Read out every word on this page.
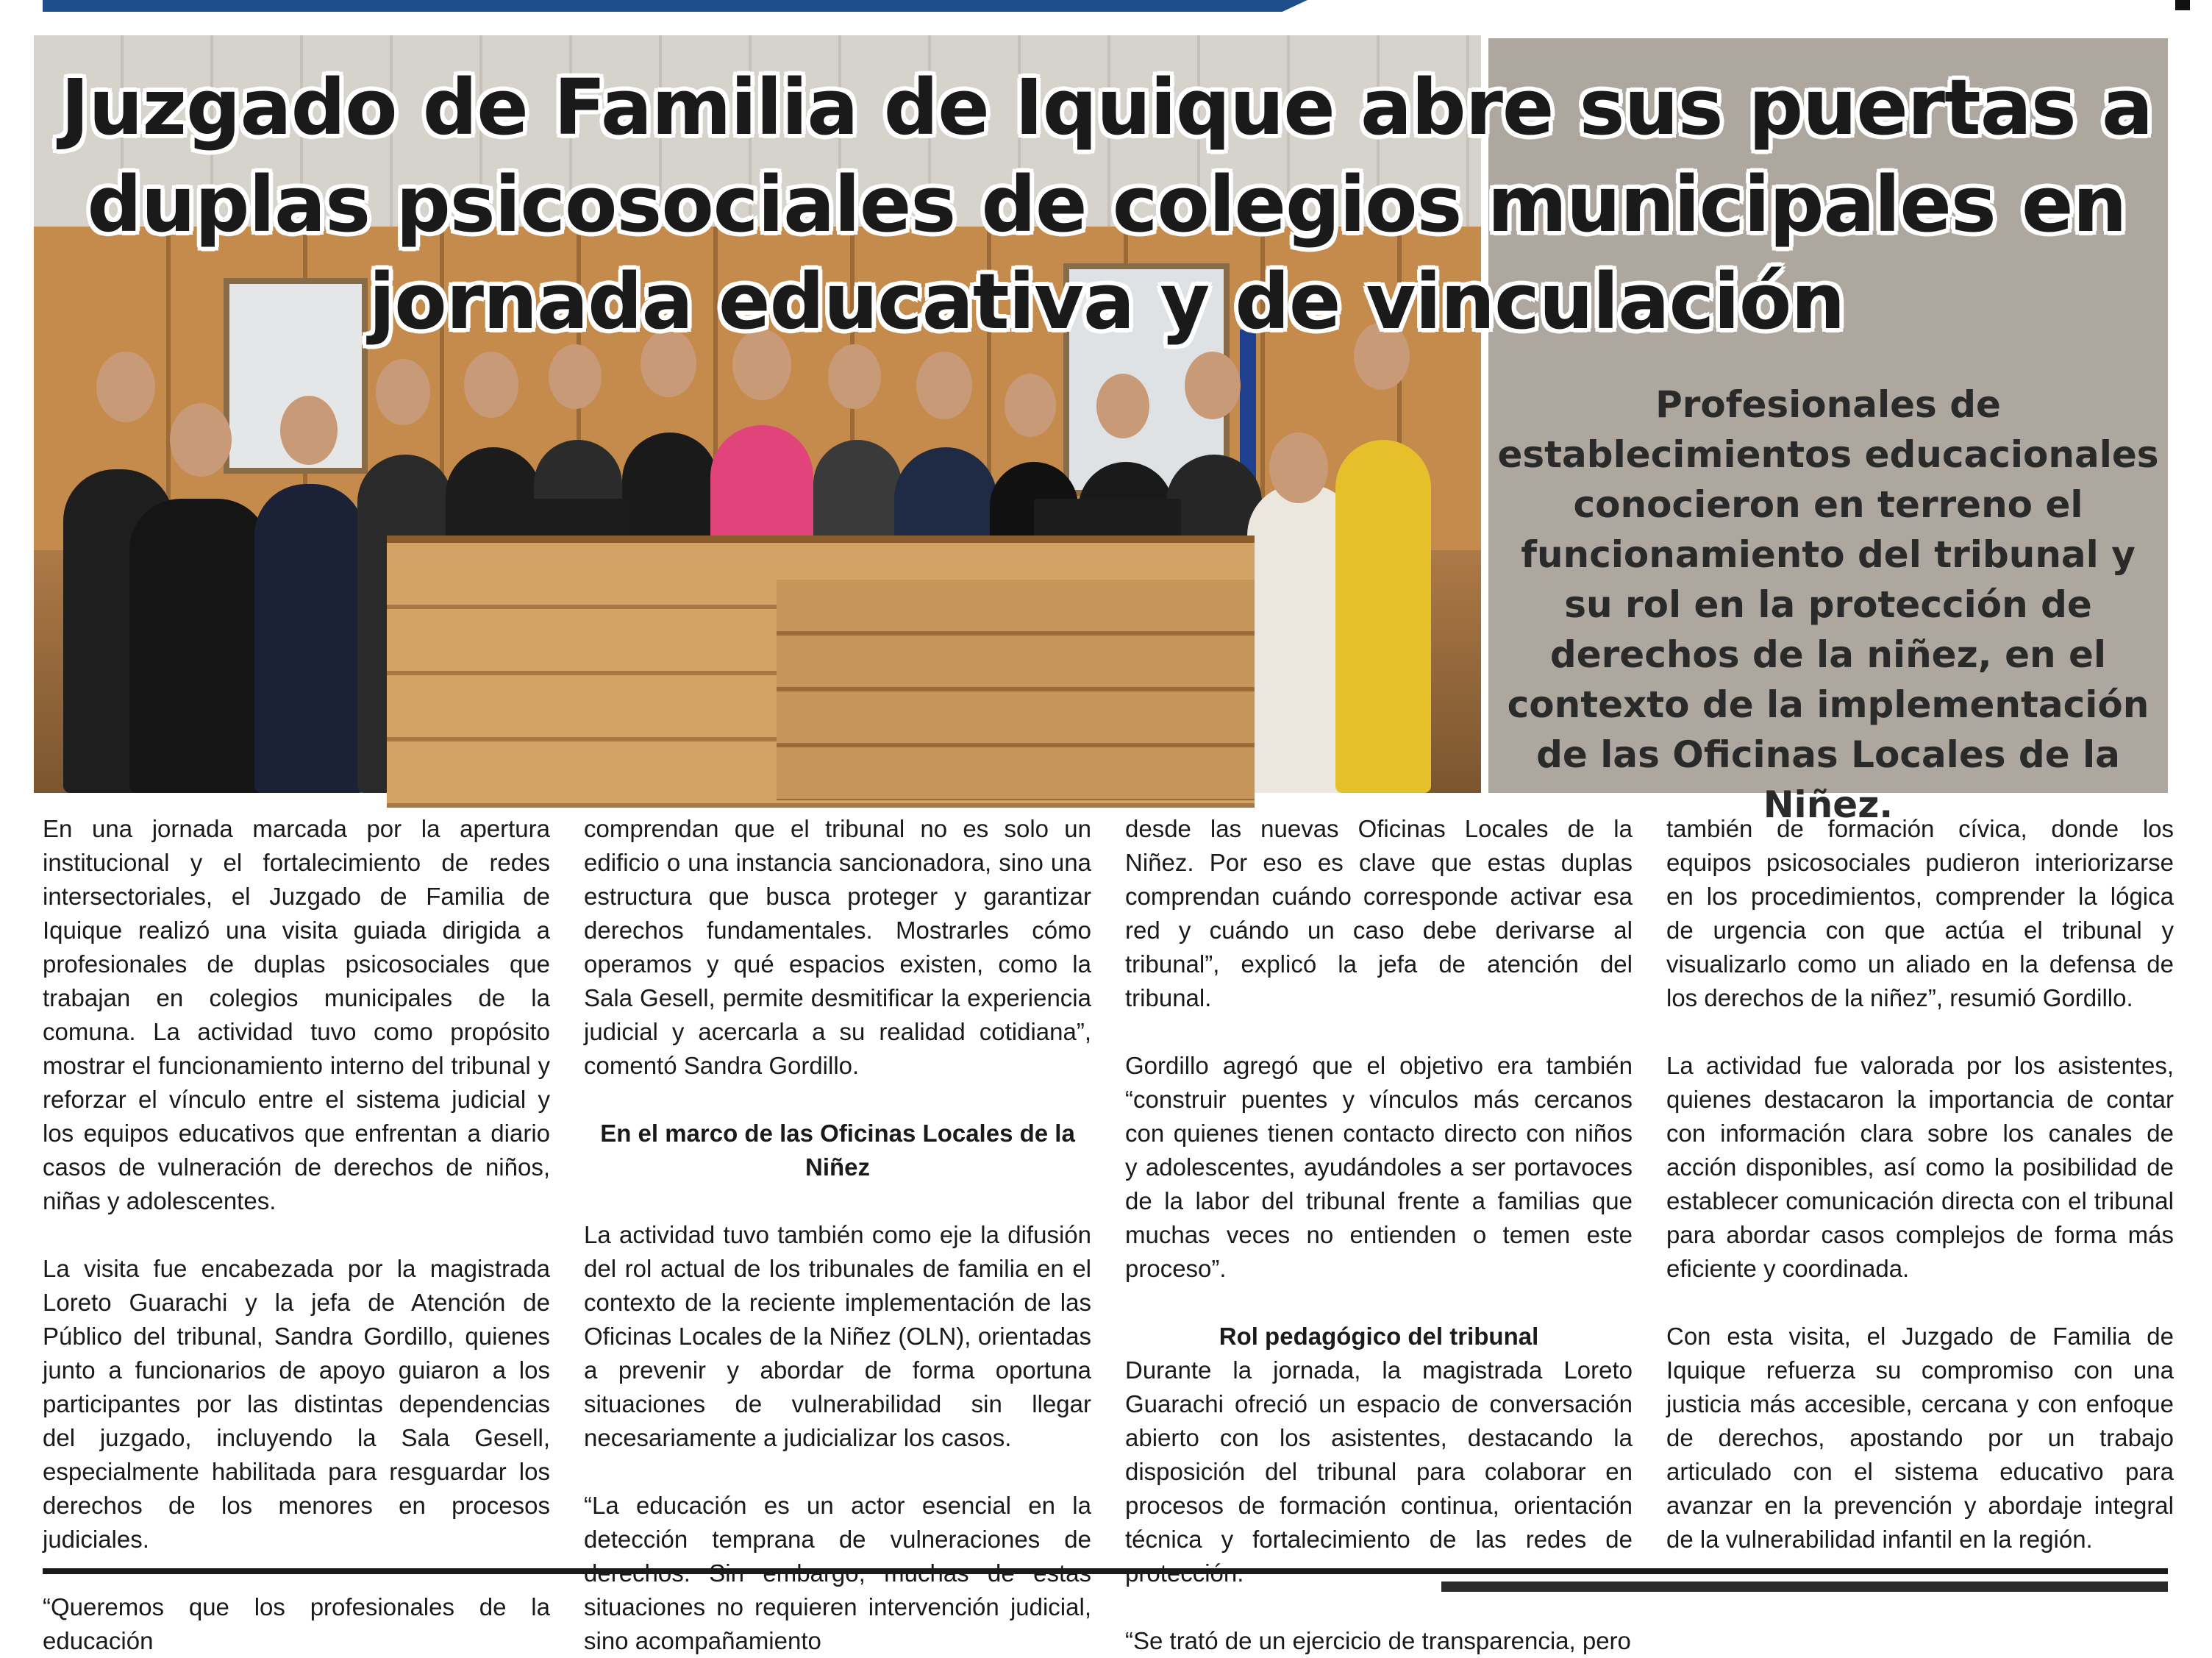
Juzgado de Familia de Iquique abre sus puertas a duplas psicosociales de colegios municipales en jornada educativa y de vinculación

Profesionales de establecimientos educacionales conocieron en terreno el funcionamiento del tribunal y su rol en la protección de derechos de la niñez, en el contexto de la implementación de las Oficinas Locales de la Niñez.

En una jornada marcada por la apertura institucional y el fortalecimiento de redes intersectoriales, el Juzgado de Familia de Iquique realizó una visita guiada dirigida a profesionales de duplas psicosociales que trabajan en colegios municipales de la comuna. La actividad tuvo como propósito mostrar el funcionamiento interno del tribunal y reforzar el vínculo entre el sistema judicial y los equipos educativos que enfrentan a diario casos de vulneración de derechos de niños, niñas y adolescentes.

La visita fue encabezada por la magistrada Loreto Guarachi y la jefa de Atención de Público del tribunal, Sandra Gordillo, quienes junto a funcionarios de apoyo guiaron a los participantes por las distintas dependencias del juzgado, incluyendo la Sala Gesell, especialmente habilitada para resguardar los derechos de los menores en procesos judiciales.

“Queremos que los profesionales de la educación

comprendan que el tribunal no es solo un edificio o una instancia sancionadora, sino una estructura que busca proteger y garantizar derechos fundamentales. Mostrarles cómo operamos y qué espacios existen, como la Sala Gesell, permite desmitificar la experiencia judicial y acercarla a su realidad cotidiana”, comentó Sandra Gordillo.

En el marco de las Oficinas Locales de la Niñez

La actividad tuvo también como eje la difusión del rol actual de los tribunales de familia en el contexto de la reciente implementación de las Oficinas Locales de la Niñez (OLN), orientadas a prevenir y abordar de forma oportuna situaciones de vulnerabilidad sin llegar necesariamente a judicializar los casos.

“La educación es un actor esencial en la detección temprana de vulneraciones de situaciones no requieren intervención judicial, sino acompañamiento

desde las nuevas Oficinas Locales de la Niñez. Por eso es clave que estas duplas comprendan cuándo corresponde activar esa red y cuándo un caso debe derivarse al tribunal”, explicó la jefa de atención del tribunal.

Gordillo agregó que el objetivo era también “construir puentes y vínculos más cercanos con quienes tienen contacto directo con niños y adolescentes, ayudándoles a ser portavoces de la labor del tribunal frente a familias que muchas veces no entienden o temen este proceso”.

Rol pedagógico del tribunal

Durante la jornada, la magistrada Loreto Guarachi ofreció un espacio de conversación abierto con los asistentes, destacando la disposición del tribunal para colaborar en procesos de formación continua, orientación técnica y fortalecimiento de las redes de

“Se trató de un ejercicio de transparencia, pero

también de formación cívica, donde los equipos psicosociales pudieron interiorizarse en los procedimientos, comprender la lógica de urgencia con que actúa el tribunal y visualizarlo como un aliado en la defensa de los derechos de la niñez”, resumió Gordillo.

La actividad fue valorada por los asistentes, quienes destacaron la importancia de contar con información clara sobre los canales de acción disponibles, así como la posibilidad de establecer comunicación directa con el tribunal para abordar casos complejos de forma más eficiente y coordinada.

Con esta visita, el Juzgado de Familia de Iquique refuerza su compromiso con una justicia más accesible, cercana y con enfoque de derechos, apostando por un trabajo articulado con el sistema educativo para avanzar en la prevención y abordaje integral de la vulnerabilidad infantil en la región.
